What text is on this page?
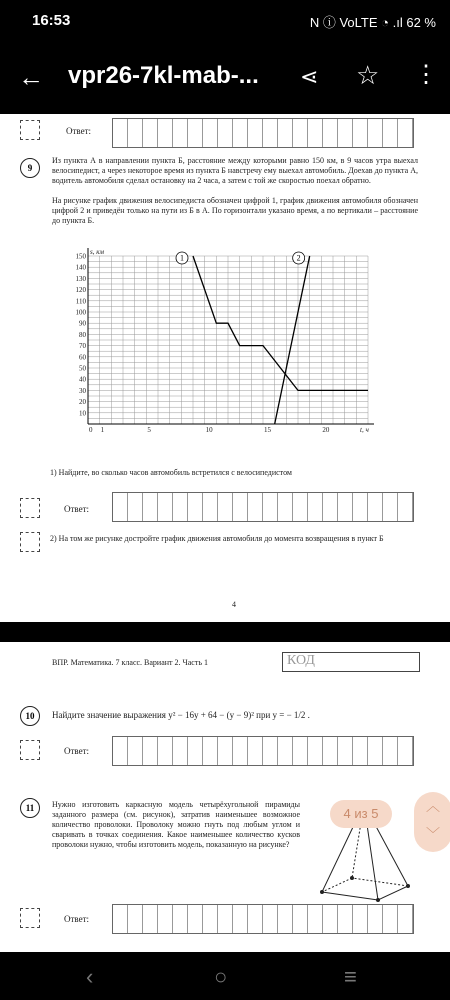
16:53	N ⓘ VoLTE ◔ .ıl 62 %
← vpr26-7kl-mab-... ⋖ ☆ ⋮
Ответ:
9
Из пункта А в направлении пункта Б, расстояние между которыми равно 150 км, в 9 часов утра выехал велосипедист, а через некоторое время из пункта Б навстречу ему выехал автомобиль. Доехав до пункта А, водитель автомобиля сделал остановку на 2 часа, а затем с той же скоростью поехал обратно.
На рисунке график движения велосипедиста обозначен цифрой 1, график движения автомобиля обозначен цифрой 2 и приведён только на пути из Б в А. По горизонтали указано время, а по вертикали – расстояние до пункта Б.
0 1	5	10	15	20
10
20
30
40
50
60
70
80
90
100
110
120
130
140
150
t, ч
s, км
1	2
1) Найдите, во сколько часов автомобиль встретился с велосипедистом
Ответ:
2) На том же рисунке достройте график движения автомобиля до момента возвращения в пункт Б
4
ВПР. Математика. 7 класс. Вариант 2. Часть 1	КОД
10	Найдите значение выражения y² − 16y + 64 − (y − 9)² при y = − 1/2 .
Ответ:
11	Нужно изготовить каркасную модель четырёхугольной пирамиды заданного размера (см. рисунок), затратив наименьшее возможное количество проволоки. Проволоку можно гнуть под любым углом и сваривать в точках соединения. Какое наименьшее количество кусков проволоки нужно, чтобы изготовить модель, показанную на рисунке?
4 из 5	︿
﹀
Ответ:
‹	○	≡
